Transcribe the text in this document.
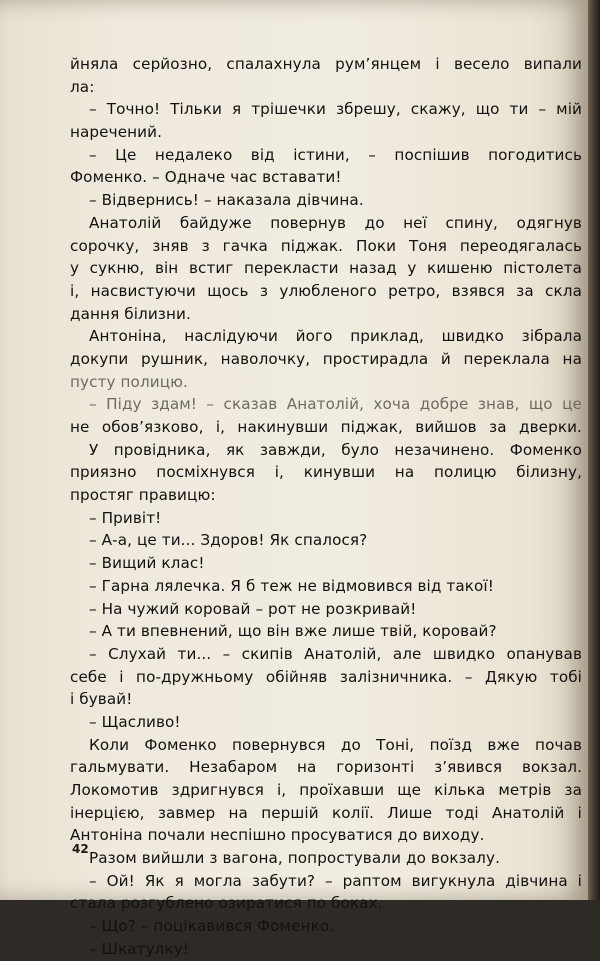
йняла серйозно, спалахнула рум’янцем і весело випали
ла:
– Точно! Тільки я трішечки збрешу, скажу, що ти – мій
наречений.
– Це недалеко від істини, – поспішив погодитись
Фоменко. – Одначе час вставати!
– Відвернись! – наказала дівчина.
Анатолій байдуже повернув до неї спину, одягнув
сорочку, зняв з гачка піджак. Поки Тоня переодягалась
у сукню, він встиг перекласти назад у кишеню пістолета
і, насвистуючи щось з улюбленого ретро, взявся за скла
дання білизни.
Антоніна, наслідуючи його приклад, швидко зібрала
докупи рушник, наволочку, простирадла й переклала на
пусту полицю.
– Піду здам! – сказав Анатолій, хоча добре знав, що це
не обов’язково, і, накинувши піджак, вийшов за дверки.
У провідника, як завжди, було незачинено. Фоменко
приязно посміхнувся і, кинувши на полицю білизну,
простяг правицю:
– Привіт!
– А-а, це ти... Здоров! Як спалося?
– Вищий клас!
– Гарна лялечка. Я б теж не відмовився від такої!
– На чужий коровай – рот не розкривай!
– А ти впевнений, що він вже лише твій, коровай?
– Слухай ти... – скипів Анатолій, але швидко опанував
себе і по-дружньому обійняв залізничника. – Дякую тобі
і бувай!
– Щасливо!
Коли Фоменко повернувся до Тоні, поїзд вже почав
гальмувати. Незабаром на горизонті з’явився вокзал.
Локомотив здригнувся і, проїхавши ще кілька метрів за
інерцією, завмер на першій колії. Лише тоді Анатолій і
Антоніна почали неспішно просуватися до виходу.
Разом вийшли з вагона, попростували до вокзалу.
– Ой! Як я могла забути? – раптом вигукнула дівчина і
стала розгублено озиратися по боках.
– Що? – поцікавився Фоменко.
– Шкатулку!
42
